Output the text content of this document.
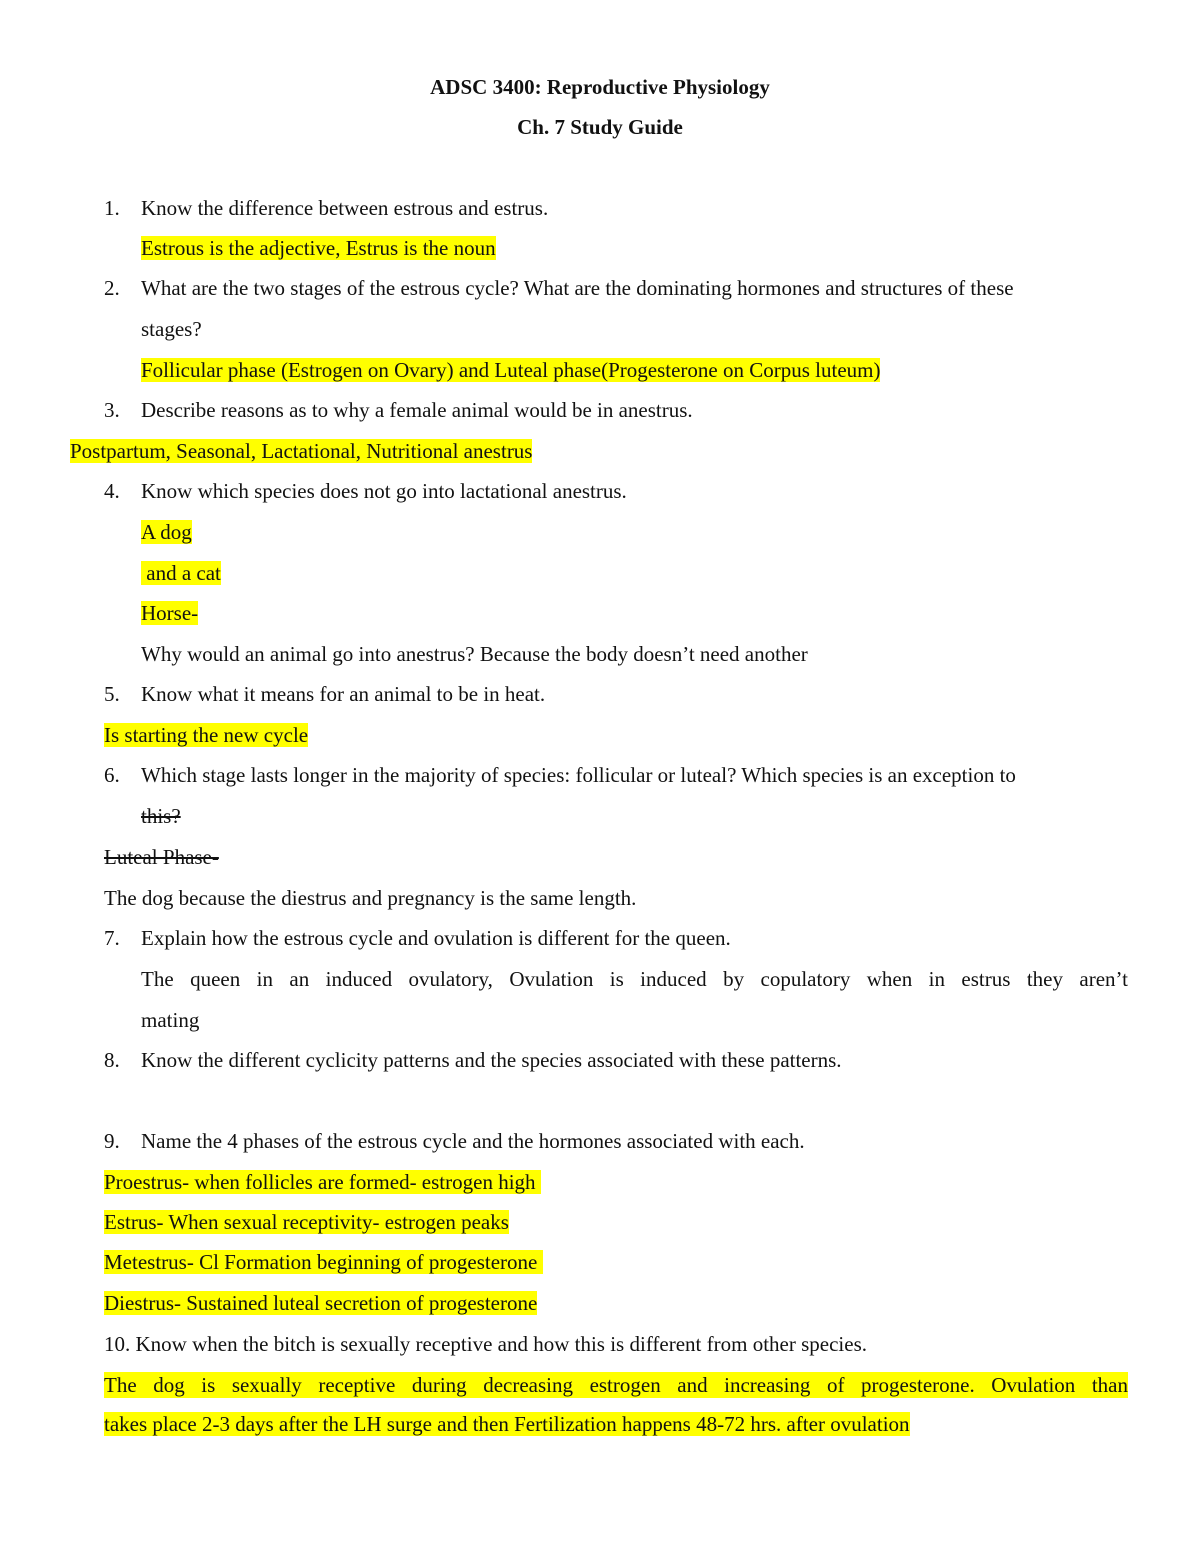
ADSC 3400: Reproductive Physiology
Ch. 7 Study Guide
1. Know the difference between estrous and estrus.
Estrous is the adjective, Estrus is the noun
2. What are the two stages of the estrous cycle? What are the dominating hormones and structures of these
stages?
Follicular phase (Estrogen on Ovary) and Luteal phase(Progesterone on Corpus luteum)
3. Describe reasons as to why a female animal would be in anestrus.
Postpartum, Seasonal, Lactational, Nutritional anestrus
4. Know which species does not go into lactational anestrus.
A dog
and a cat
Horse-
Why would an animal go into anestrus? Because the body doesn’t need another
5. Know what it means for an animal to be in heat.
Is starting the new cycle
6. Which stage lasts longer in the majority of species: follicular or luteal? Which species is an exception to
this?
Luteal Phase-
The dog because the diestrus and pregnancy is the same length.
7. Explain how the estrous cycle and ovulation is different for the queen.
The queen in an induced ovulatory, Ovulation is induced by copulatory when in estrus they aren’t
mating
8. Know the different cyclicity patterns and the species associated with these patterns.
9. Name the 4 phases of the estrous cycle and the hormones associated with each.
Proestrus- when follicles are formed- estrogen high
Estrus- When sexual receptivity- estrogen peaks
Metestrus- Cl Formation beginning of progesterone
Diestrus- Sustained luteal secretion of progesterone
10. Know when the bitch is sexually receptive and how this is different from other species.
The dog is sexually receptive during decreasing estrogen and increasing of progesterone. Ovulation than
takes place 2-3 days after the LH surge and then Fertilization happens 48-72 hrs. after ovulation
